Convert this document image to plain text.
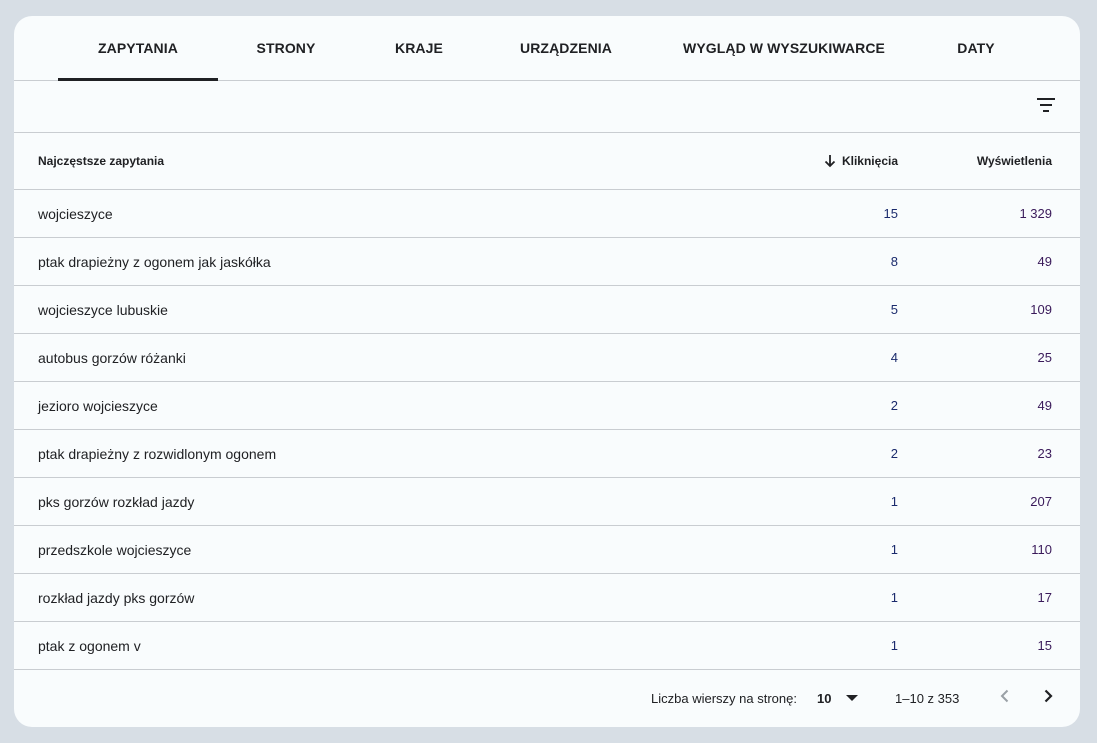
ZAPYTANIA	STRONY	KRAJE	URZĄDZENIA	WYGLĄD W WYSZUKIWARCE	DATY
Najczęstsze zapytania	Kliknięcia	Wyświetlenia
wojcieszyce	15	1 329
ptak drapieżny z ogonem jak jaskółka	8	49
wojcieszyce lubuskie	5	109
autobus gorzów różanki	4	25
jezioro wojcieszyce	2	49
ptak drapieżny z rozwidlonym ogonem	2	23
pks gorzów rozkład jazdy	1	207
przedszkole wojcieszyce	1	110
rozkład jazdy pks gorzów	1	17
ptak z ogonem v	1	15
Liczba wierszy na stronę: 10	1–10 z 353
